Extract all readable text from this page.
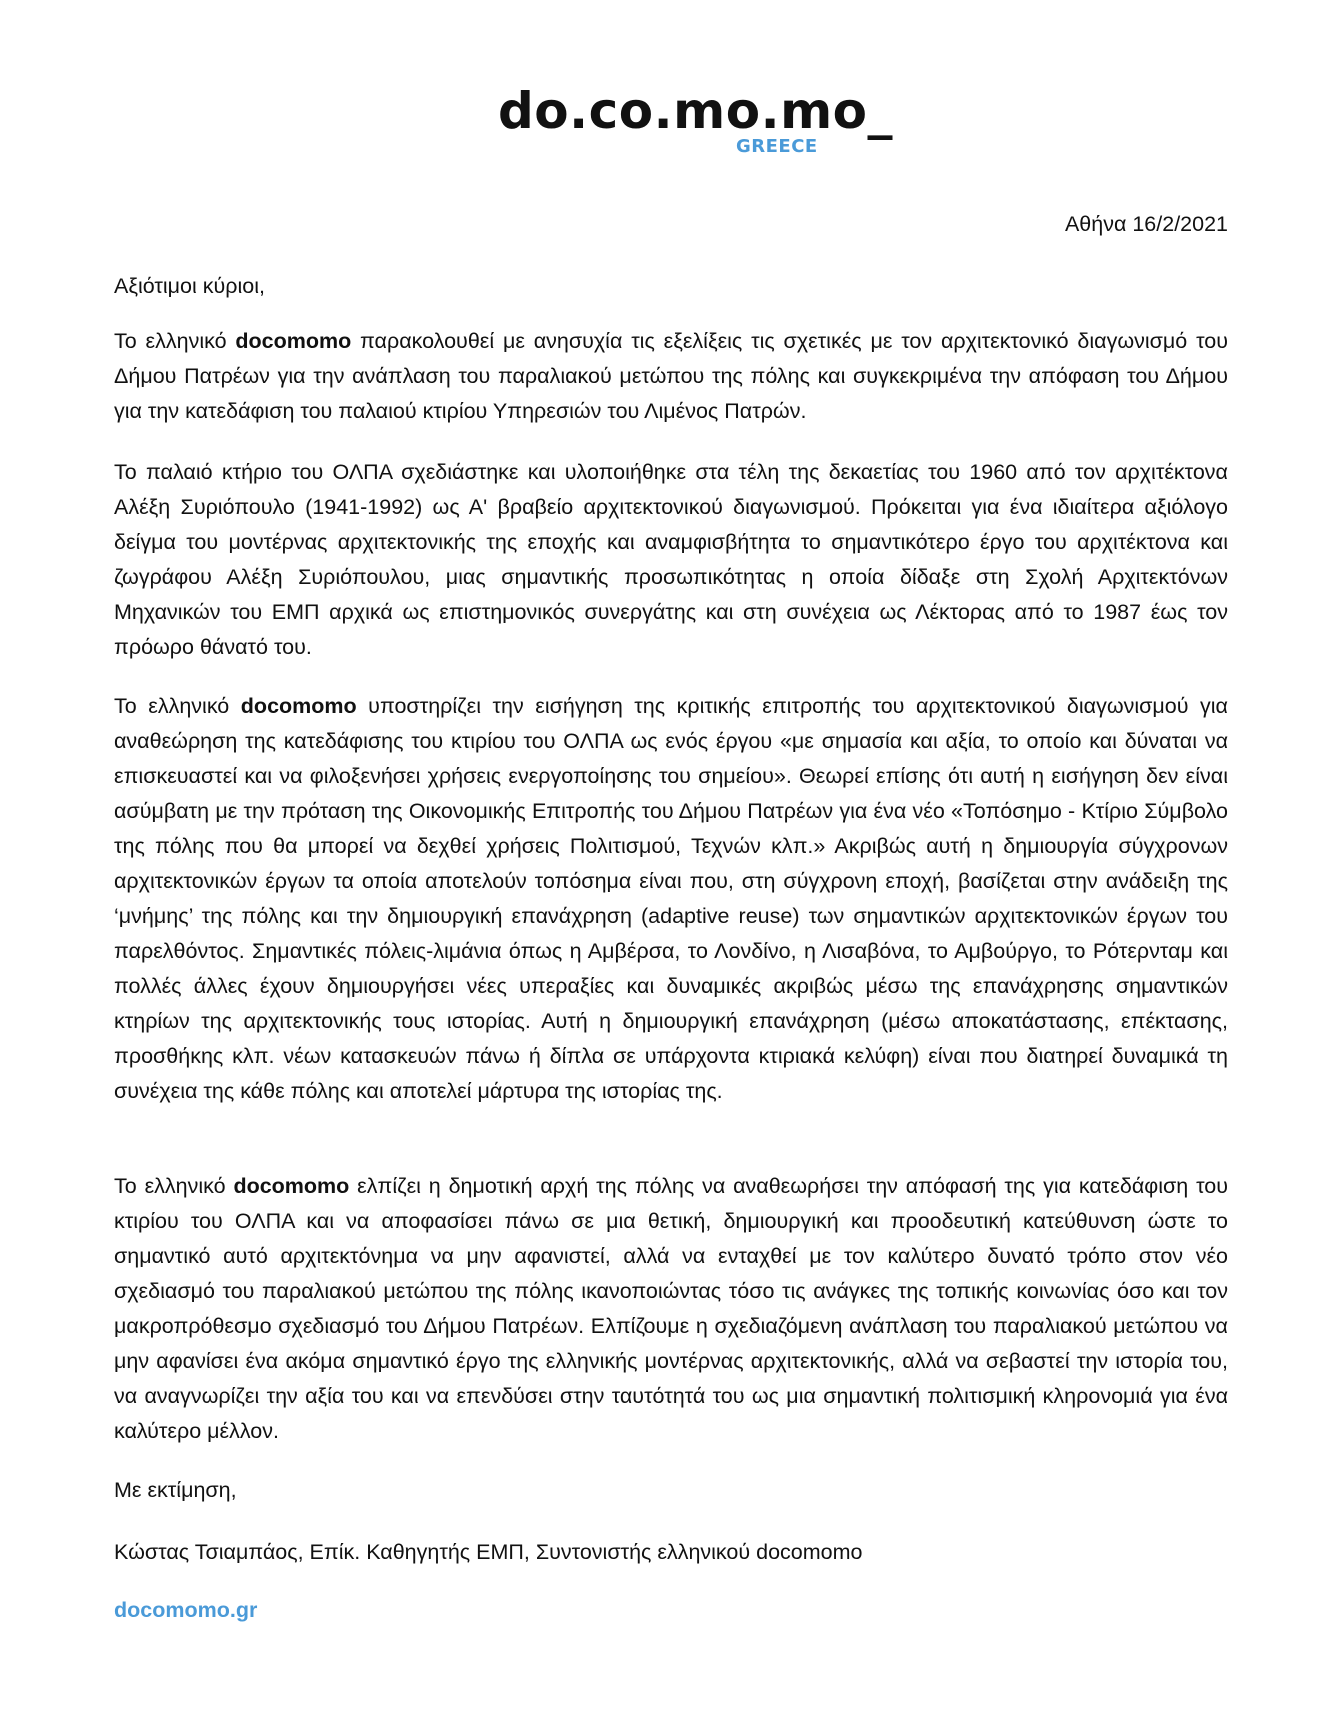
do.co.mo.mo_
GREECE
Αθήνα 16/2/2021
Αξιότιμοι κύριοι,

Το ελληνικό docomomo παρακολουθεί με ανησυχία τις εξελίξεις τις σχετικές με τον αρχιτεκτονικό διαγωνισμό του Δήμου Πατρέων για την ανάπλαση του παραλιακού μετώπου της πόλης και συγκεκριμένα την απόφαση του Δήμου για την κατεδάφιση του παλαιού κτιρίου Υπηρεσιών του Λιμένος Πατρών.

Το παλαιό κτήριο του ΟΛΠΑ σχεδιάστηκε και υλοποιήθηκε στα τέλη της δεκαετίας του 1960 από τον αρχιτέκτονα Αλέξη Συριόπουλο (1941-1992) ως Α' βραβείο αρχιτεκτονικού διαγωνισμού. Πρόκειται για ένα ιδιαίτερα αξιόλογο δείγμα του μοντέρνας αρχιτεκτονικής της εποχής και αναμφισβήτητα το σημαντικότερο έργο του αρχιτέκτονα και ζωγράφου Αλέξη Συριόπουλου, μιας σημαντικής προσωπικότητας η οποία δίδαξε στη Σχολή Αρχιτεκτόνων Μηχανικών του ΕΜΠ αρχικά ως επιστημονικός συνεργάτης και στη συνέχεια ως Λέκτορας από το 1987 έως τον πρόωρο θάνατό του.

Το ελληνικό docomomo υποστηρίζει την εισήγηση της κριτικής επιτροπής του αρχιτεκτονικού διαγωνισμού για αναθεώρηση της κατεδάφισης του κτιρίου του ΟΛΠΑ ως ενός έργου «με σημασία και αξία, το οποίο και δύναται να επισκευαστεί και να φιλοξενήσει χρήσεις ενεργοποίησης του σημείου». Θεωρεί επίσης ότι αυτή η εισήγηση δεν είναι ασύμβατη με την πρόταση της Οικονομικής Επιτροπής του Δήμου Πατρέων για ένα νέο «Τοπόσημο - Κτίριο Σύμβολο της πόλης που θα μπορεί να δεχθεί χρήσεις Πολιτισμού, Τεχνών κλπ.» Ακριβώς αυτή η δημιουργία σύγχρονων αρχιτεκτονικών έργων τα οποία αποτελούν τοπόσημα είναι που, στη σύγχρονη εποχή, βασίζεται στην ανάδειξη της ‘μνήμης’ της πόλης και την δημιουργική επανάχρηση (adaptive reuse) των σημαντικών αρχιτεκτονικών έργων του παρελθόντος. Σημαντικές πόλεις-λιμάνια όπως η Αμβέρσα, το Λονδίνο, η Λισαβόνα, το Αμβούργο, το Ρότερνταμ και πολλές άλλες έχουν δημιουργήσει νέες υπεραξίες και δυναμικές ακριβώς μέσω της επανάχρησης σημαντικών κτηρίων της αρχιτεκτονικής τους ιστορίας. Αυτή η δημιουργική επανάχρηση (μέσω αποκατάστασης, επέκτασης, προσθήκης κλπ. νέων κατασκευών πάνω ή δίπλα σε υπάρχοντα κτιριακά κελύφη) είναι που διατηρεί δυναμικά τη συνέχεια της κάθε πόλης και αποτελεί μάρτυρα της ιστορίας της.

Το ελληνικό docomomo ελπίζει η δημοτική αρχή της πόλης να αναθεωρήσει την απόφασή της για κατεδάφιση του κτιρίου του ΟΛΠΑ και να αποφασίσει πάνω σε μια θετική, δημιουργική και προοδευτική κατεύθυνση ώστε το σημαντικό αυτό αρχιτεκτόνημα να μην αφανιστεί, αλλά να ενταχθεί με τον καλύτερο δυνατό τρόπο στον νέο σχεδιασμό του παραλιακού μετώπου της πόλης ικανοποιώντας τόσο τις ανάγκες της τοπικής κοινωνίας όσο και τον μακροπρόθεσμο σχεδιασμό του Δήμου Πατρέων. Ελπίζουμε η σχεδιαζόμενη ανάπλαση του παραλιακού μετώπου να μην αφανίσει ένα ακόμα σημαντικό έργο της ελληνικής μοντέρνας αρχιτεκτονικής, αλλά να σεβαστεί την ιστορία του, να αναγνωρίζει την αξία του και να επενδύσει στην ταυτότητά του ως μια σημαντική πολιτισμική κληρονομιά για ένα καλύτερο μέλλον.

Με εκτίμηση,
Κώστας Τσιαμπάος, Επίκ. Καθηγητής ΕΜΠ, Συντονιστής ελληνικού docomomo
docomomo.gr
